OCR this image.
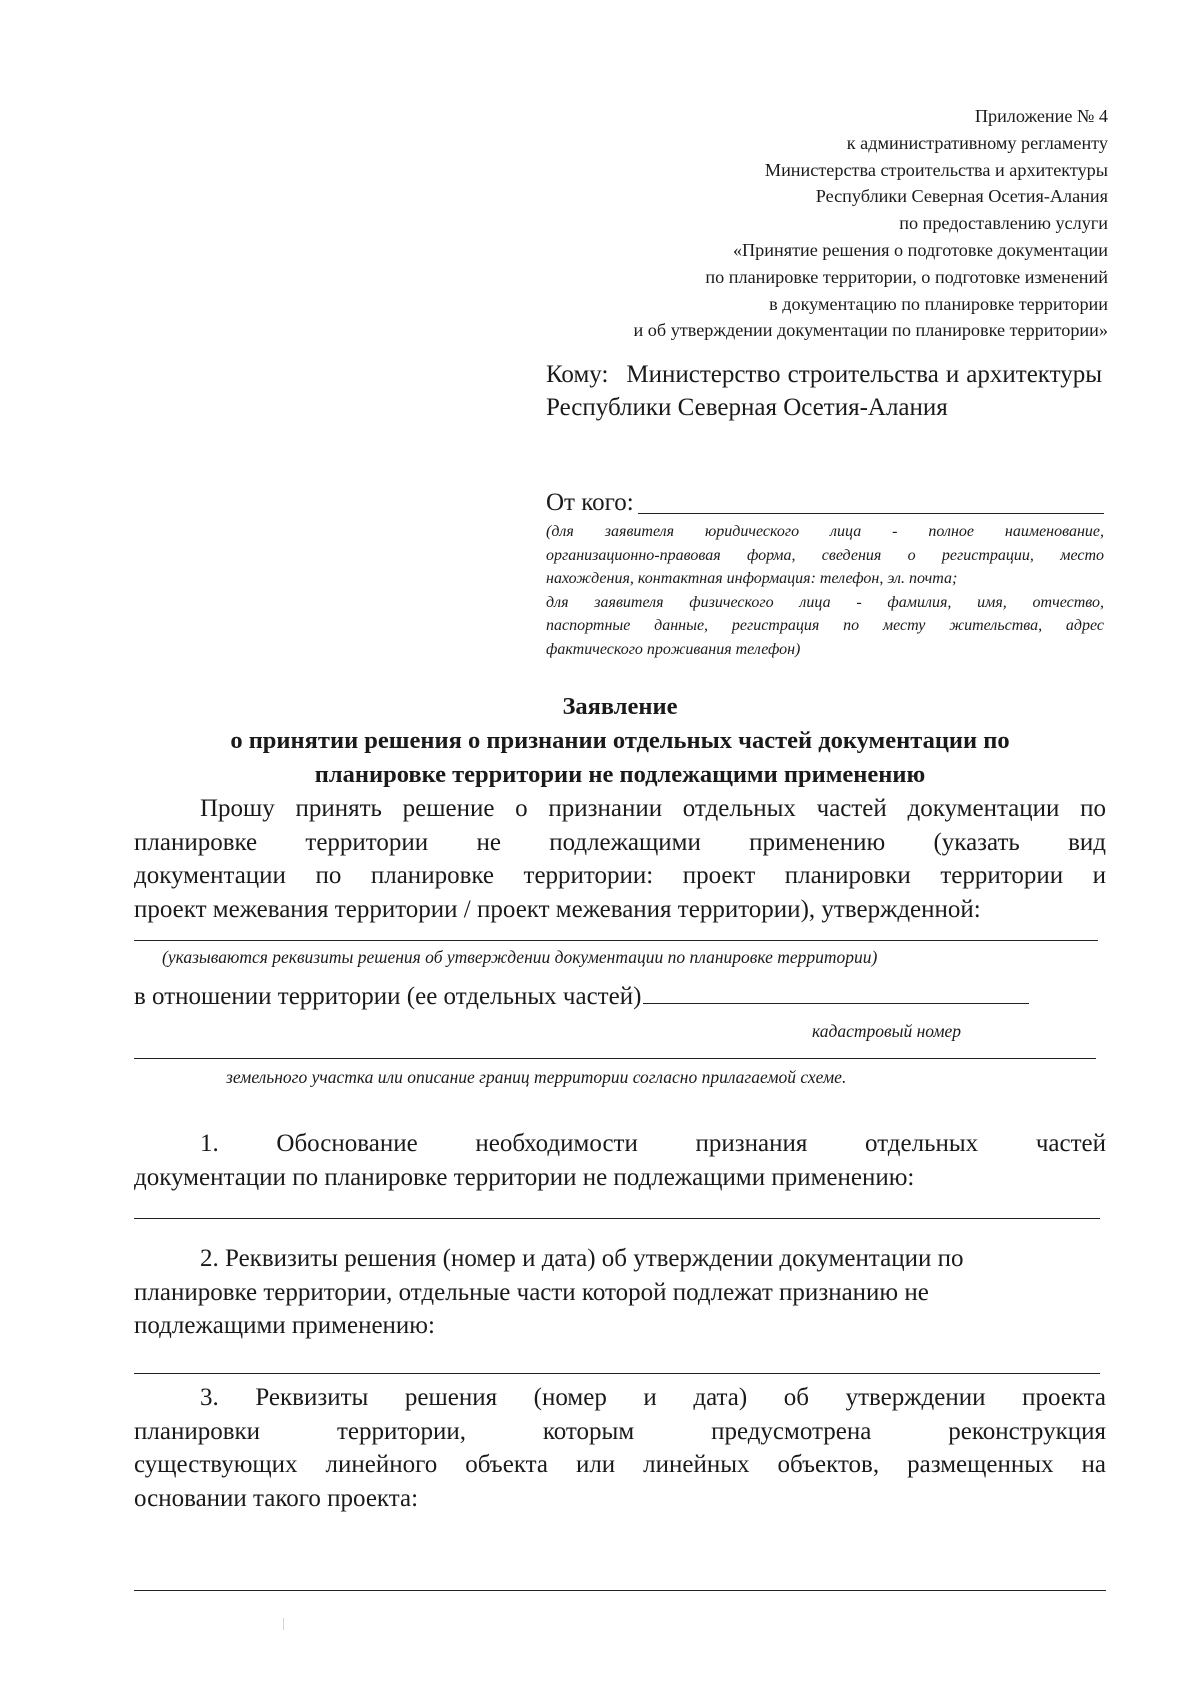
Приложение № 4
к административному регламенту
Министерства строительства и архитектуры
Республики Северная Осетия-Алания
по предоставлению услуги
«Принятие решения о подготовке документации
по планировке территории, о подготовке изменений
в документацию по планировке территории
и об утверждении документации по планировке территории»
Кому: Министерство строительства и архитектуры Республики Северная Осетия-Алания
От кого:
(для заявителя юридического лица - полное наименование,
организационно-правовая форма, сведения о регистрации, место
нахождения, контактная информация: телефон, эл. почта;
для заявителя физического лица - фамилия, имя, отчество,
паспортные данные, регистрация по месту жительства, адрес
фактического проживания телефон)
Заявление
о принятии решения о признании отдельных частей документации по
планировке территории не подлежащими применению
Прошу принять решение о признании отдельных частей документации по
планировке территории не подлежащими применению (указать вид
документации по планировке территории: проект планировки территории и
проект межевания территории / проект межевания территории), утвержденной:
(указываются реквизиты решения об утверждении документации по планировке территории)
в отношении территории (ее отдельных частей)
кадастровый номер
земельного участка или описание границ территории согласно прилагаемой схеме.
1. Обоснование необходимости признания отдельных частей
документации по планировке территории не подлежащими применению:
2. Реквизиты решения (номер и дата) об утверждении документации по
планировке территории, отдельные части которой подлежат признанию не
подлежащими применению:
3. Реквизиты решения (номер и дата) об утверждении проекта
планировки территории, которым предусмотрена реконструкция
существующих линейного объекта или линейных объектов, размещенных на
основании такого проекта:
